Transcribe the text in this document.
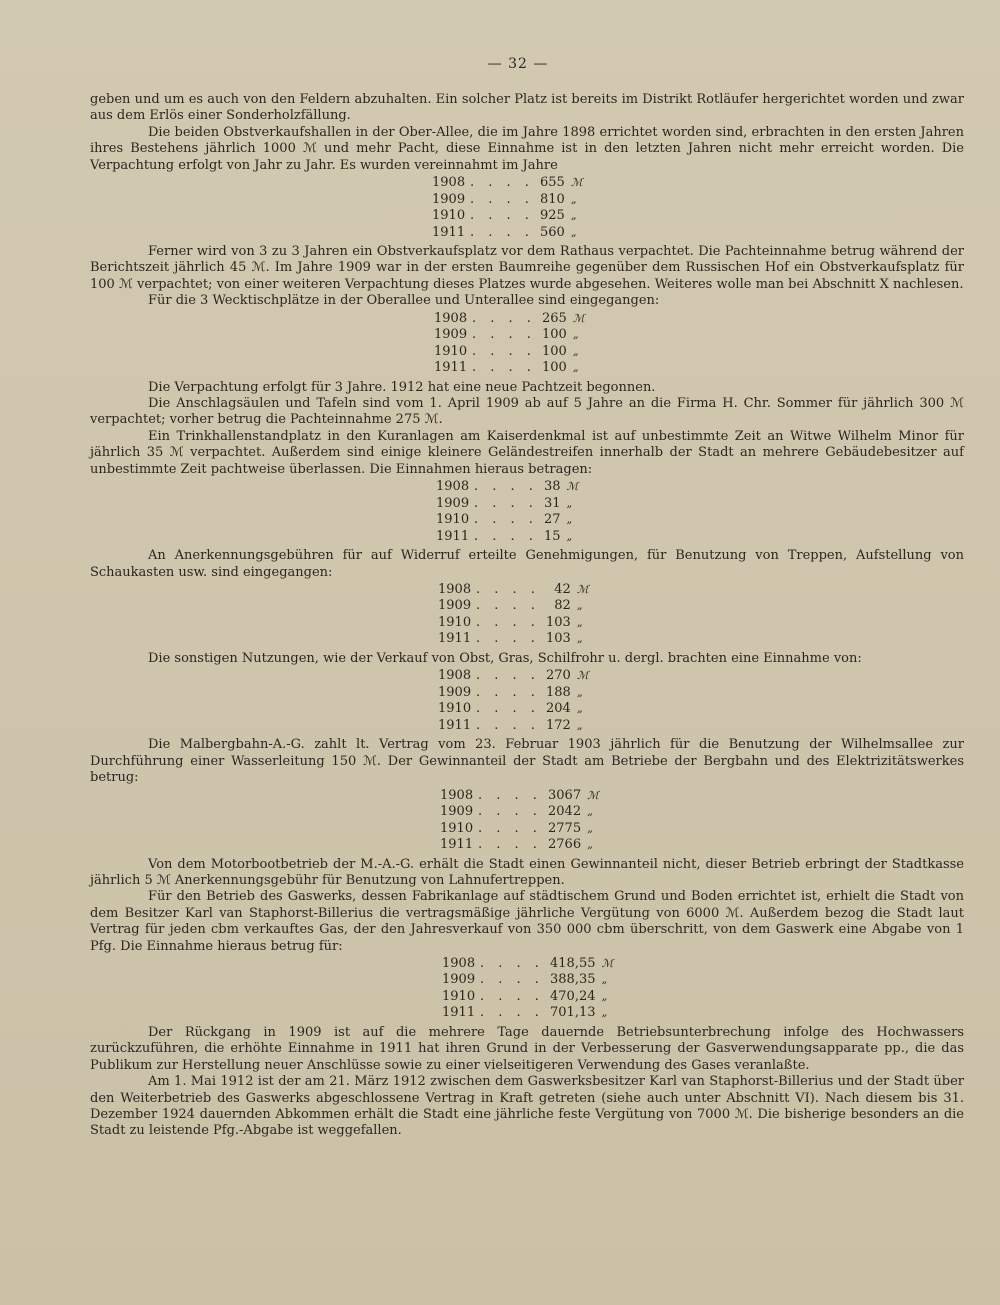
— 32 —

geben und um es auch von den Feldern abzuhalten. Ein solcher Platz ist bereits im Distrikt Rotläufer hergerichtet worden und zwar aus dem Erlös einer Sonderholzfällung.

Die beiden Obstverkaufshallen in der Ober-Allee, die im Jahre 1898 errichtet worden sind, erbrachten in den ersten Jahren ihres Bestehens jährlich 1000 ℳ und mehr Pacht, diese Einnahme ist in den letzten Jahren nicht mehr erreicht worden. Die Verpachtung erfolgt von Jahr zu Jahr. Es wurden vereinnahmt im Jahre

1908	. . . .	655	ℳ
1909	. . . .	810	„
1910	. . . .	925	„
1911	. . . .	560	„

Ferner wird von 3 zu 3 Jahren ein Obstverkaufsplatz vor dem Rathaus verpachtet. Die Pachteinnahme betrug während der Berichtszeit jährlich 45 ℳ. Im Jahre 1909 war in der ersten Baumreihe gegenüber dem Russischen Hof ein Obstverkaufsplatz für 100 ℳ verpachtet; von einer weiteren Verpachtung dieses Platzes wurde abgesehen. Weiteres wolle man bei Abschnitt X nachlesen.

Für die 3 Wecktischplätze in der Oberallee und Unterallee sind eingegangen:

1908	. . . .	265	ℳ
1909	. . . .	100	„
1910	. . . .	100	„
1911	. . . .	100	„

Die Verpachtung erfolgt für 3 Jahre. 1912 hat eine neue Pachtzeit begonnen.

Die Anschlagsäulen und Tafeln sind vom 1. April 1909 ab auf 5 Jahre an die Firma H. Chr. Sommer für jährlich 300 ℳ verpachtet; vorher betrug die Pachteinnahme 275 ℳ.

Ein Trinkhallenstandplatz in den Kuranlagen am Kaiserdenkmal ist auf unbestimmte Zeit an Witwe Wilhelm Minor für jährlich 35 ℳ verpachtet. Außerdem sind einige kleinere Geländestreifen innerhalb der Stadt an mehrere Gebäudebesitzer auf unbestimmte Zeit pachtweise überlassen. Die Einnahmen hieraus betragen:

1908	. . . .	38	ℳ
1909	. . . .	31	„
1910	. . . .	27	„
1911	. . . .	15	„

An Anerkennungsgebühren für auf Widerruf erteilte Genehmigungen, für Benutzung von Treppen, Aufstellung von Schaukasten usw. sind eingegangen:

1908	. . . .	42	ℳ
1909	. . . .	82	„
1910	. . . .	103	„
1911	. . . .	103	„

Die sonstigen Nutzungen, wie der Verkauf von Obst, Gras, Schilfrohr u. dergl. brachten eine Einnahme von:

1908	. . . .	270	ℳ
1909	. . . .	188	„
1910	. . . .	204	„
1911	. . . .	172	„

Die Malbergbahn-A.-G. zahlt lt. Vertrag vom 23. Februar 1903 jährlich für die Benutzung der Wilhelmsallee zur Durchführung einer Wasserleitung 150 ℳ. Der Gewinnanteil der Stadt am Betriebe der Bergbahn und des Elektrizitätswerkes betrug:

1908	. . . .	3067	ℳ
1909	. . . .	2042	„
1910	. . . .	2775	„
1911	. . . .	2766	„

Von dem Motorbootbetrieb der M.-A.-G. erhält die Stadt einen Gewinnanteil nicht, dieser Betrieb erbringt der Stadtkasse jährlich 5 ℳ Anerkennungsgebühr für Benutzung von Lahnufertreppen.

Für den Betrieb des Gaswerks, dessen Fabrikanlage auf städtischem Grund und Boden errichtet ist, erhielt die Stadt von dem Besitzer Karl van Staphorst-Billerius die vertragsmäßige jährliche Vergütung von 6000 ℳ. Außerdem bezog die Stadt laut Vertrag für jeden cbm verkauftes Gas, der den Jahresverkauf von 350 000 cbm überschritt, von dem Gaswerk eine Abgabe von 1 Pfg. Die Einnahme hieraus betrug für:

1908	. . . .	418,55	ℳ
1909	. . . .	388,35	„
1910	. . . .	470,24	„
1911	. . . .	701,13	„

Der Rückgang in 1909 ist auf die mehrere Tage dauernde Betriebsunterbrechung infolge des Hochwassers zurückzuführen, die erhöhte Einnahme in 1911 hat ihren Grund in der Verbesserung der Gasverwendungsapparate pp., die das Publikum zur Herstellung neuer Anschlüsse sowie zu einer vielseitigeren Verwendung des Gases veranlaßte.

Am 1. Mai 1912 ist der am 21. März 1912 zwischen dem Gaswerksbesitzer Karl van Staphorst-Billerius und der Stadt über den Weiterbetrieb des Gaswerks abgeschlossene Vertrag in Kraft getreten (siehe auch unter Abschnitt VI). Nach diesem bis 31. Dezember 1924 dauernden Abkommen erhält die Stadt eine jährliche feste Vergütung von 7000 ℳ. Die bisherige besonders an die Stadt zu leistende Pfg.-Abgabe ist weggefallen.
